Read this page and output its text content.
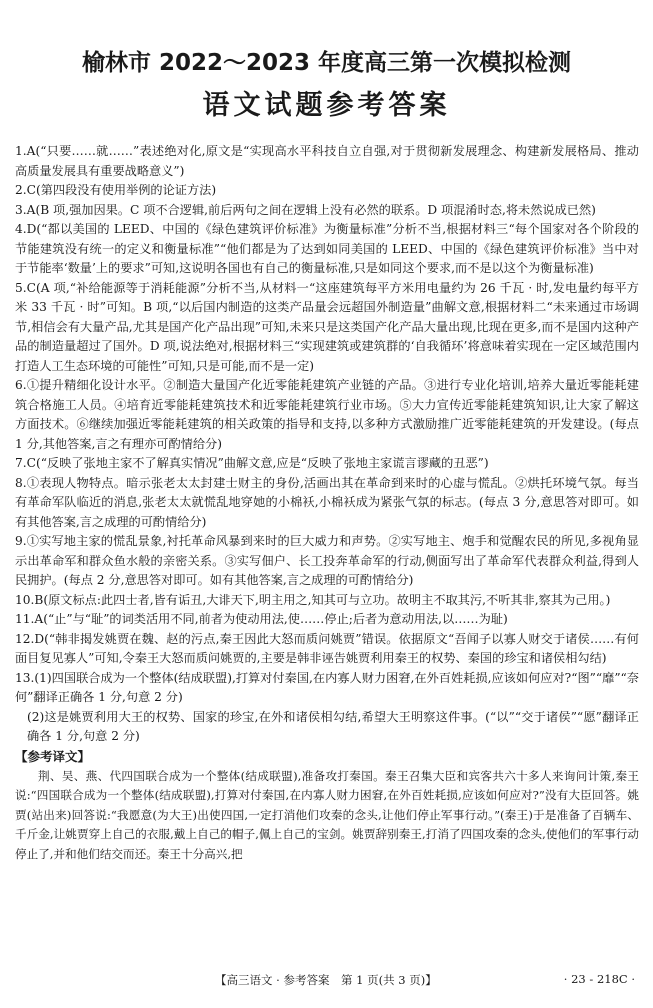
榆林市 2022～2023 年度高三第一次模拟检测
语文试题参考答案

1.A(“只要……就……”表述绝对化,原文是“实现高水平科技自立自强,对于贯彻新发展理念、构建新发展格局、推动高质量发展具有重要战略意义”)

2.C(第四段没有使用举例的论证方法)

3.A(B 项,强加因果。C 项不合逻辑,前后两句之间在逻辑上没有必然的联系。D 项混淆时态,将未然说成已然)

4.D(“都以美国的 LEED、中国的《绿色建筑评价标准》为衡量标准”分析不当,根据材料三“每个国家对各个阶段的节能建筑没有统一的定义和衡量标准”“他们都是为了达到如同美国的 LEED、中国的《绿色建筑评价标准》当中对于节能率‘数量’上的要求”可知,这说明各国也有自己的衡量标准,只是如同这个要求,而不是以这个为衡量标准)

5.C(A 项,“补给能源等于消耗能源”分析不当,从材料一“这座建筑每平方米用电量约为 26 千瓦 · 时,发电量约每平方米 33 千瓦 · 时”可知。B 项,“以后国内制造的这类产品量会远超国外制造量”曲解文意,根据材料二“未来通过市场调节,相信会有大量产品,尤其是国产化产品出现”可知,未来只是这类国产化产品大量出现,比现在更多,而不是国内这种产品的制造量超过了国外。D 项,说法绝对,根据材料三“实现建筑或建筑群的‘自我循环’将意味着实现在一定区域范围内打造人工生态环境的可能性”可知,只是可能,而不是一定)

6.①提升精细化设计水平。②制造大量国产化近零能耗建筑产业链的产品。③进行专业化培训,培养大量近零能耗建筑合格施工人员。④培育近零能耗建筑技术和近零能耗建筑行业市场。⑤大力宣传近零能耗建筑知识,让大家了解这方面技术。⑥继续加强近零能耗建筑的相关政策的指导和支持,以多种方式激励推广近零能耗建筑的开发建设。(每点 1 分,其他答案,言之有理亦可酌情给分)

7.C(“反映了张地主家不了解真实情况”曲解文意,应是“反映了张地主家谎言谬藏的丑恶”)

8.①表现人物特点。暗示张老太太封建士财主的身份,活画出其在革命到来时的心虚与慌乱。②烘托环境气氛。每当有革命军队临近的消息,张老太太就慌乱地穿她的小棉袄,小棉袄成为紧张气氛的标志。(每点 3 分,意思答对即可。如有其他答案,言之成理的可酌情给分)

9.①实写地主家的慌乱景象,衬托革命风暴到来时的巨大威力和声势。②实写地主、炮手和觉醒农民的所见,多视角显示出革命军和群众鱼水般的亲密关系。③实写佃户、长工投奔革命军的行动,侧面写出了革命军代表群众利益,得到人民拥护。(每点 2 分,意思答对即可。如有其他答案,言之成理的可酌情给分)

10.B(原文标点:此四士者,皆有诟丑,大诽天下,明主用之,知其可与立功。故明主不取其污,不听其非,察其为己用。)

11.A(“止”与“耻”的词类活用不同,前者为使动用法,使……停止;后者为意动用法,以……为耻)

12.D(“韩非揭发姚贾在魏、赵的污点,秦王因此大怒而质问姚贾”错误。依据原文“吾闻子以寡人财交于诸侯……有何面目复见寡人”可知,令秦王大怒而质问姚贾的,主要是韩非诬告姚贾利用秦王的权势、秦国的珍宝和诸侯相勾结)

13.(1)四国联合成为一个整体(结成联盟),打算对付秦国,在内寡人财力困窘,在外百姓耗损,应该如何应对?“图”“靡”“奈何”翻译正确各 1 分,句意 2 分)

(2)这是姚贾利用大王的权势、国家的珍宝,在外和诸侯相勾结,希望大王明察这件事。(“以”“交于诸侯”“愿”翻译正确各 1 分,句意 2 分)

【参考译文】

荆、吴、燕、代四国联合成为一个整体(结成联盟),准备攻打秦国。秦王召集大臣和宾客共六十多人来询问计策,秦王说:“四国联合成为一个整体(结成联盟),打算对付秦国,在内寡人财力困窘,在外百姓耗损,应该如何应对?”没有大臣回答。姚贾(站出来)回答说:“我愿意(为大王)出使四国,一定打消他们攻秦的念头,让他们停止军事行动。”(秦王)于是准备了百辆车、千斤金,让姚贾穿上自己的衣服,戴上自己的帽子,佩上自己的宝剑。姚贾辞别秦王,打消了四国攻秦的念头,使他们的军事行动停止了,并和他们结交而还。秦王十分高兴,把

【高三语文 · 参考答案　第 1 页(共 3 页)】	· 23 - 218C ·
